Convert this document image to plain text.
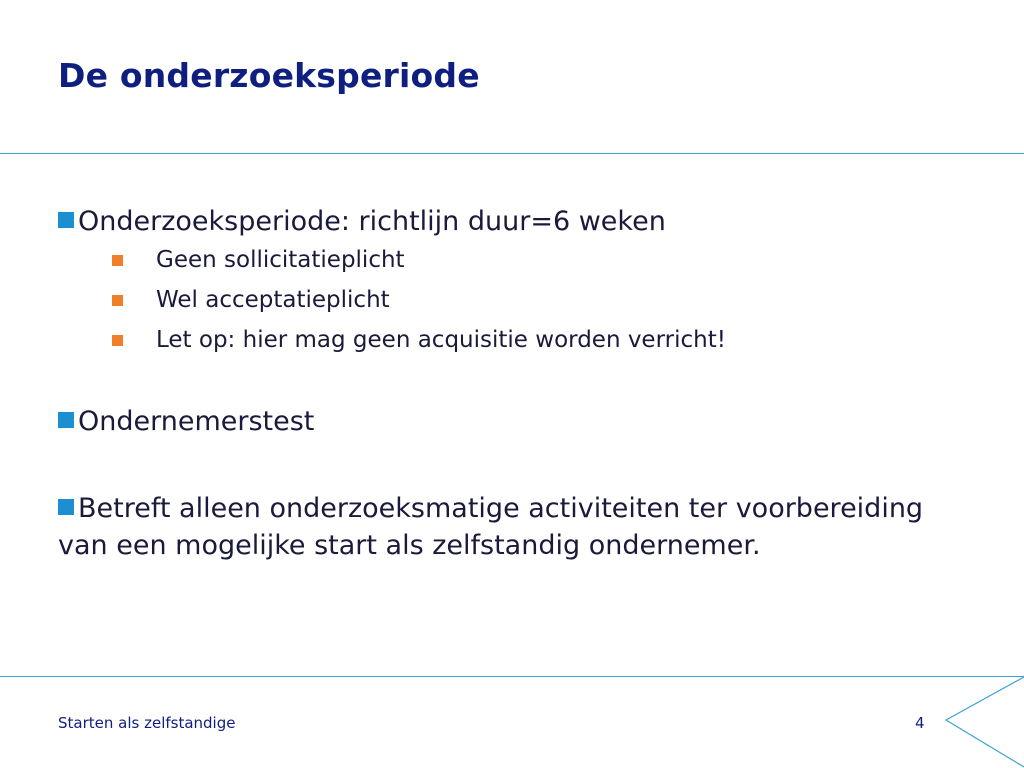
De onderzoeksperiode

Onderzoeksperiode: richtlijn duur=6 weken

Geen sollicitatieplicht

Wel acceptatieplicht

Let op: hier mag geen acquisitie worden verricht!

Ondernemerstest

Betreft alleen onderzoeksmatige activiteiten ter voorbereiding van een mogelijke start als zelfstandig ondernemer.

Starten als zelfstandige	4
